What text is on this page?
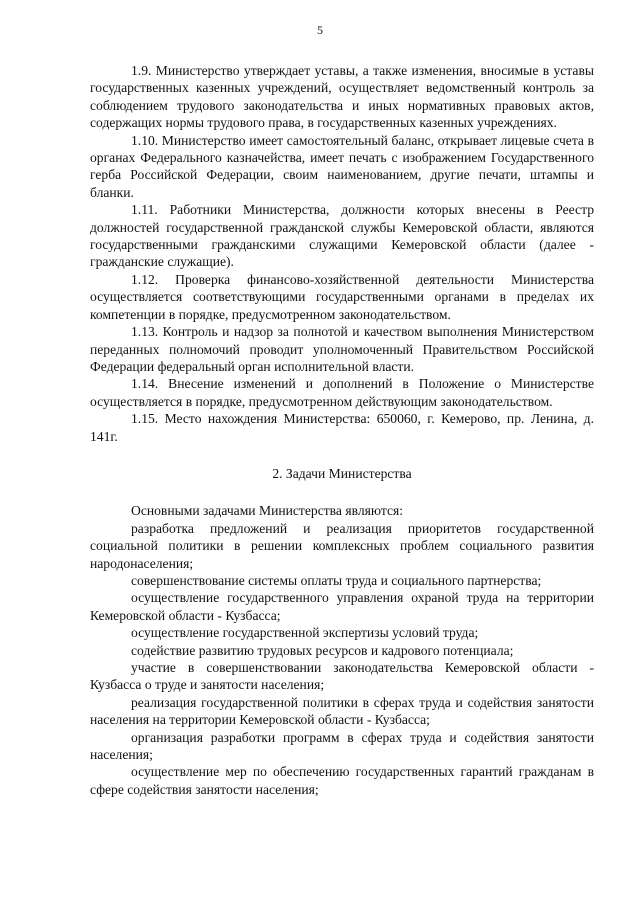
5

1.9. Министерство утверждает уставы, а также изменения, вносимые в уставы государственных казенных учреждений, осуществляет ведомственный контроль за соблюдением трудового законодательства и иных нормативных правовых актов, содержащих нормы трудового права, в государственных казенных учреждениях.

1.10. Министерство имеет самостоятельный баланс, открывает лицевые счета в органах Федерального казначейства, имеет печать с изображением Государственного герба Российской Федерации, своим наименованием, другие печати, штампы и бланки.

1.11. Работники Министерства, должности которых внесены в Реестр должностей государственной гражданской службы Кемеровской области, являются государственными гражданскими служащими Кемеровской области (далее - гражданские служащие).

1.12. Проверка финансово-хозяйственной деятельности Министерства осуществляется соответствующими государственными органами в пределах их компетенции в порядке, предусмотренном законодательством.

1.13. Контроль и надзор за полнотой и качеством выполнения Министерством переданных полномочий проводит уполномоченный Правительством Российской Федерации федеральный орган исполнительной власти.

1.14. Внесение изменений и дополнений в Положение о Министерстве осуществляется в порядке, предусмотренном действующим законодательством.

1.15. Место нахождения Министерства: 650060, г. Кемерово, пр. Ленина, д. 141г.

2. Задачи Министерства

Основными задачами Министерства являются:

разработка предложений и реализация приоритетов государственной социальной политики в решении комплексных проблем социального развития народонаселения;

совершенствование системы оплаты труда и социального партнерства;

осуществление государственного управления охраной труда на территории Кемеровской области - Кузбасса;

осуществление государственной экспертизы условий труда;

содействие развитию трудовых ресурсов и кадрового потенциала;

участие в совершенствовании законодательства Кемеровской области - Кузбасса о труде и занятости населения;

реализация государственной политики в сферах труда и содействия занятости населения на территории Кемеровской области - Кузбасса;

организация разработки программ в сферах труда и содействия занятости населения;

осуществление мер по обеспечению государственных гарантий гражданам в сфере содействия занятости населения;
